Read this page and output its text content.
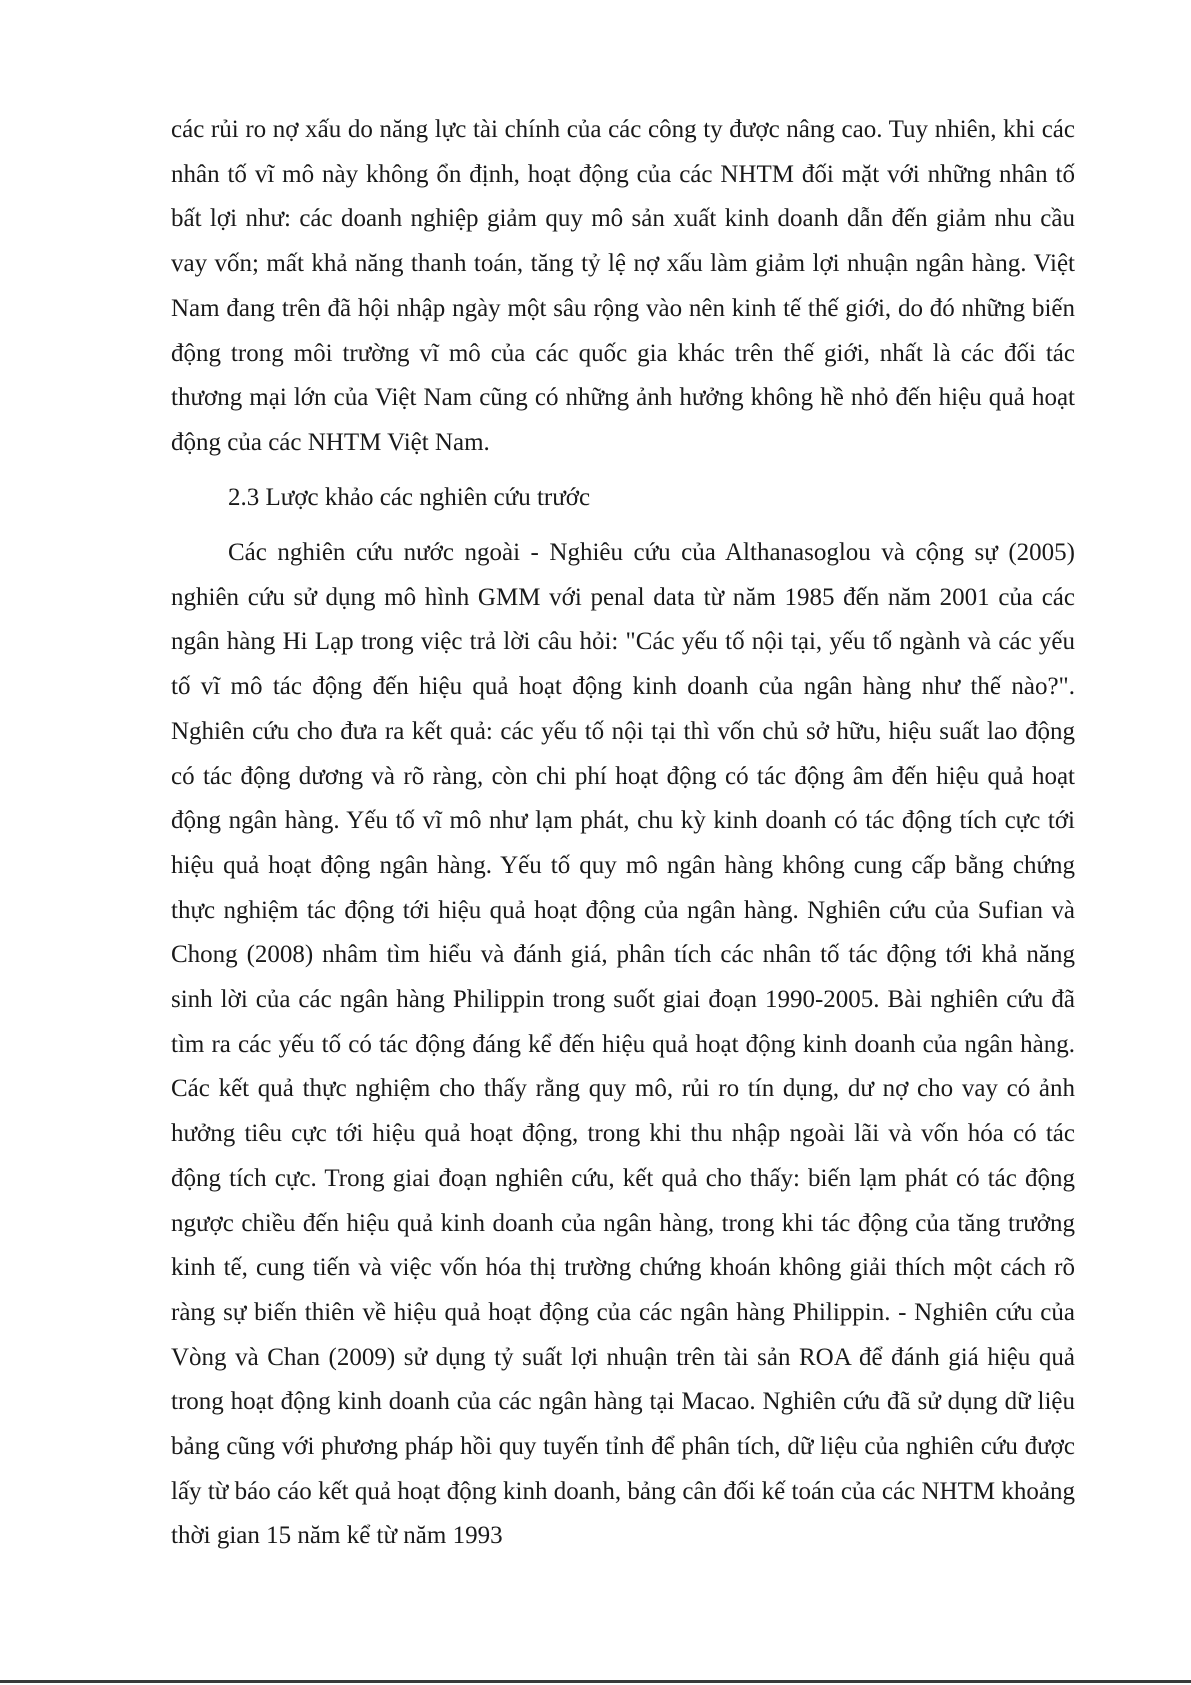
các rủi ro nợ xấu do năng lực tài chính của các công ty được nâng cao. Tuy nhiên, khi các nhân tố vĩ mô này không ổn định, hoạt động của các NHTM đối mặt với những nhân tố bất lợi như: các doanh nghiệp giảm quy mô sản xuất kinh doanh dẫn đến giảm nhu cầu vay vốn; mất khả năng thanh toán, tăng tỷ lệ nợ xấu làm giảm lợi nhuận ngân hàng. Việt Nam đang trên đã hội nhập ngày một sâu rộng vào nên kinh tế thế giới, do đó những biến động trong môi trường vĩ mô của các quốc gia khác trên thế giới, nhất là các đối tác thương mại lớn của Việt Nam cũng có những ảnh hưởng không hề nhỏ đến hiệu quả hoạt động của các NHTM Việt Nam.

2.3 Lược khảo các nghiên cứu trước

Các nghiên cứu nước ngoài - Nghiêu cứu của Althanasoglou và cộng sự (2005) nghiên cứu sử dụng mô hình GMM với penal data từ năm 1985 đến năm 2001 của các ngân hàng Hi Lạp trong việc trả lời câu hỏi: "Các yếu tố nội tại, yếu tố ngành và các yếu tố vĩ mô tác động đến hiệu quả hoạt động kinh doanh của ngân hàng như thế nào?". Nghiên cứu cho đưa ra kết quả: các yếu tố nội tại thì vốn chủ sở hữu, hiệu suất lao động có tác động dương và rõ ràng, còn chi phí hoạt động có tác động âm đến hiệu quả hoạt động ngân hàng. Yếu tố vĩ mô như lạm phát, chu kỳ kinh doanh có tác động tích cực tới hiệu quả hoạt động ngân hàng. Yếu tố quy mô ngân hàng không cung cấp bằng chứng thực nghiệm tác động tới hiệu quả hoạt động của ngân hàng. Nghiên cứu của Sufian và Chong (2008) nhâm tìm hiểu và đánh giá, phân tích các nhân tố tác động tới khả năng sinh lời của các ngân hàng Philippin trong suốt giai đoạn 1990-2005. Bài nghiên cứu đã tìm ra các yếu tố có tác động đáng kể đến hiệu quả hoạt động kinh doanh của ngân hàng. Các kết quả thực nghiệm cho thấy rằng quy mô, rủi ro tín dụng, dư nợ cho vay có ảnh hưởng tiêu cực tới hiệu quả hoạt động, trong khi thu nhập ngoài lãi và vốn hóa có tác động tích cực. Trong giai đoạn nghiên cứu, kết quả cho thấy: biến lạm phát có tác động ngược chiều đến hiệu quả kinh doanh của ngân hàng, trong khi tác động của tăng trưởng kinh tế, cung tiến và việc vốn hóa thị trường chứng khoán không giải thích một cách rõ ràng sự biến thiên về hiệu quả hoạt động của các ngân hàng Philippin. - Nghiên cứu của Vòng và Chan (2009) sử dụng tỷ suất lợi nhuận trên tài sản ROA để đánh giá hiệu quả trong hoạt động kinh doanh của các ngân hàng tại Macao. Nghiên cứu đã sử dụng dữ liệu bảng cũng với phương pháp hồi quy tuyến tỉnh để phân tích, dữ liệu của nghiên cứu được lấy từ báo cáo kết quả hoạt động kinh doanh, bảng cân đối kế toán của các NHTM khoảng thời gian 15 năm kể từ năm 1993
